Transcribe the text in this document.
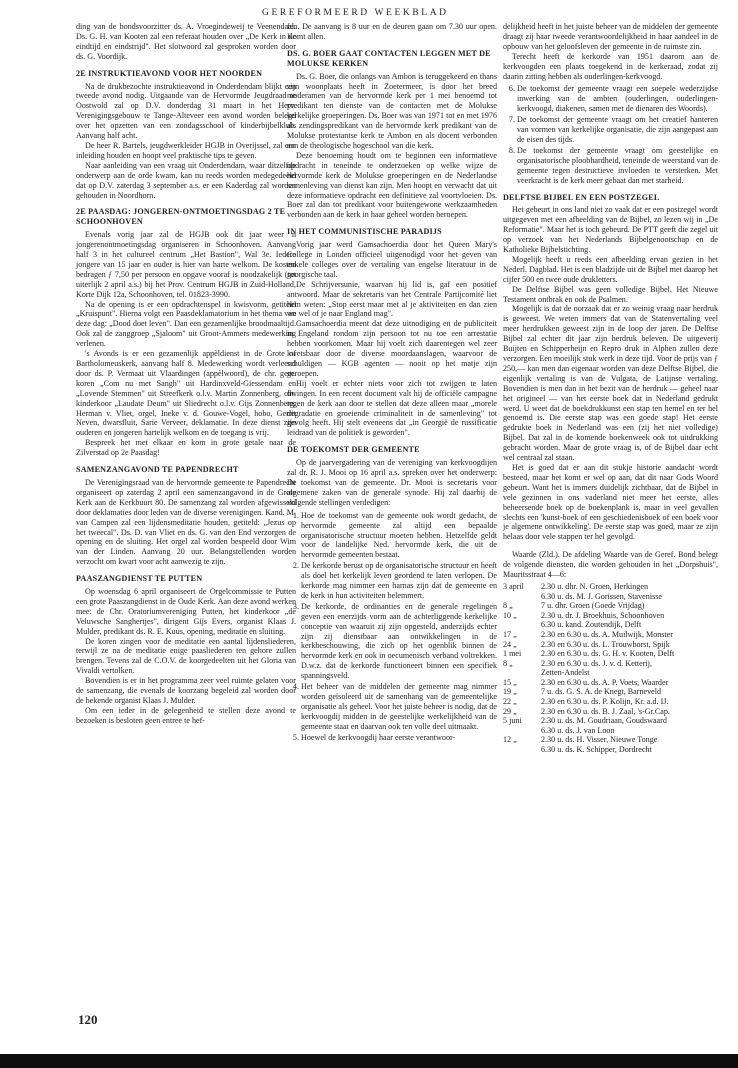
GEREFORMEERD WEEKBLAD

ding van de bondsvoorzitter ds. A. Vroegindeweij te Veenendaal. Ds. G. H. van Kooten zal een referaat houden over „De Kerk in de eindtijd en eindstrijd". Het slotwoord zal gesproken worden door ds. G. Voordijk.

2E INSTRUKTIEAVOND VOOR HET NOORDEN

Na de drukbezochte instruktieavond in Onderdendam blijkt een tweede avond nodig. Uitgaande van de Hervormde Jeugdraad te Oostwold zal op D.V. donderdag 31 maart in het Herv. Verenigingsgebouw te Tange-Altevеer een avond worden belegd over het opzetten van een zondagsschool of kinderbijbelklub. Aanvang half acht.

De heer R. Bartels, jeugdwerkleider HGJB in Overijssel, zal een inleiding houden en hoopt veel praktische tips te geven.

Naar aanleiding van een vraag uit Onderdendam, waar ditzelfde onderwerp aan de orde kwam, kan nu reeds worden medegedeeld dat op D.V. zaterdag 3 september a.s. er een Kaderdag zal worden gehouden in Noordhorn.

2E PAASDAG: JONGEREN-ONTMOETINGSDAG 2 TE SCHOONHOVEN

Evenals vorig jaar zal de HGJB ook dit jaar weer 'n jongerenontmoetingsdag organiseren in Schoonhoven. Aanvang half 3 in het cultureel centrum „Het Bastion", Wal 3e. Iedere jongere van 15 jaar en ouder is hier van harte welkom. De kosten bedragen ƒ 7,50 per persoon en opgave vooraf is noodzakelijk (tot uiterlijk 2 april a.s.) bij het Prov. Centrum HGJB in Zuid-Holland, Korte Dijk 12a, Schoonhoven, tel. 01823-3990.

Na de opening is er een opdrachtenspel in kwisvorm, getiteld „Kruispunt". Hierna volgt een Paasdeklamatorium in het thema van deze dag: „Dood doet leven". Dan een gezamenlijke broodmaaltijd. Ook zal de zanggroep „Sjaloom" uit Groot-Ammers medewerking verlenen.

's Avonds is er een gezamenlijk appèldienst in de Grote of Bartholomeuskerk, aanvang half 8. Medewerking wordt verleend door ds. P. Vermaat uit Vlaardingen (appèlwoord), de chr. gem. koren „Com nu met Sangh" uit Hardinxveld-Giessendam en „Lovende Stemmen" uit Streefkerk o.l.v. Martin Zonnenberg, chr. kinderkoor „Laudate Deum" uit Sliedrecht o.l.v. Gijs Zonnenberg, Herman v. Vliet, orgel, Ineke v. d. Gouwe-Vogel, hobo, Gerrit Neven, dwarsfluit, Sarie Verveer, deklamatie. In deze dienst zijn ouderen en jongeren hartelijk welkom en de toegang is vrij.

Bespreek het met elkaar en kom in grote getale naar de Zilverstad op 2e Paasdag!

SAMENZANGAVOND TE PAPENDRECHT

De Verenigingsraad van de hervormde gemeente te Papendrecht organiseert op zaterdag 2 april een samenzangavond in de Grote Kerk aan de Kerkbuurt 80. De samenzang zal worden afgewisseld door deklamaties door leden van de diverse verenigingen. Kand. M. van Campen zal een lijdensmeditatie houden, getiteld: „Jezus op het tweeсal". Ds. D. van Vliet en ds. G. van den End verzorgen de opening en de sluiting. Het orgel zal worden bespeeld door Wim van der Linden. Aanvang 20 uur. Belangstellenden worden verzocht om kwart voor acht aanwezig te zijn.

PAASZANGDIENST TE PUTTEN

Op woensdag 6 april organiseert de Orgelcommissie te Putten een grote Paaszangdienst in de Oude Kerk. Aan deze avond werken mee: de Chr. Oratoriumvereniging Putten, het kinderkoor „de Veluwsche Sanghertjes", dirigent Gijs Evers, organist Klaas J. Mulder, predikant ds. R. E. Kuus, opening, meditatie en sluiting.

De koren zingen voor de meditatie een aantal lijdensliederen, terwijl ze na de meditatie enige paasliederen ten gehore zullen brengen. Tevens zal de C.O.V. de koorgedeelten uit het Gloria van Vivaldi vertolken.

Bovendien is er in het programma zeer veel ruimte gelaten voor de samenzang, die evenals de koorzang begeleid zal worden door de bekende organist Klaas J. Mulder.

Om een ieder in de gelegenheid te stellen deze avond te bezoeken is besloten geen entree te hef-

fen. De aanvang is 8 uur en de deuren gaan om 7.30 uur open. Komt allen.

DS. G. BOER GAAT CONTACTEN LEGGEN MET DE MOLUKSE KERKEN

Ds. G. Boer, die onlangs van Ambon is teruggekeerd en thans zijn woonplaats heeft in Zoetermeer, is door het breed moderamen van de hervormde kerk per 1 mei benoemd tot predikant ten dienste van de contacten met de Molukse kerkelijke groeperingen. Ds. Boer was van 1971 tot en met 1976 als zendingspredikant van de hervormde kerk predikant van de Molukse protestantse kerk te Ambon en als docent verbonden aan de theologische hogeschool van die kerk.

Deze benoeming houdt om te beginnen een informatieve opdracht in teneinde te onderzoeken op welke wijze de hervormde kerk de Molukse groeperingen en de Nederlandse samenleving van dienst kan zijn. Men hoopt en verwacht dat uit deze informatieve opdracht een definitieve zal voortvloeien. Ds. Boer zal dan tot predikant voor buitengewone werkzaamheden verbonden aan de kerk in haar geheel worden beroepen.

IN HET COMMUNISTISCHE PARADIJS

Vorig jaar werd Gamsachoerdia door het Queen Mary's College in Londen officieel uitgenodigd voor het geven van enkele colleges over de vertaling van engelse literatuur in de georgische taal.

De Schrijversunie, waarvan hij lid is, gaf een positief antwoord. Maar de sekretaris van het Centrale Partijcomité liet hem weten: „Stop eerst maar met al je aktiviteiten en dan zien we wel of je naar England mag".

Gamsachoerdia meent dat deze uitnodiging en de publiciteit in Engeland rondom zijn persoon tot nu toe een arrestatie hebben voorkomen. Maar hij voelt zich daarentegen wel zeer kwetsbaar door de diverse moordaanslagen, waarvoor de schuldigen — KGB agenten — nooit op het matje zijn geroepen.

Hij voelt er echter niets voor zich tot zwijgen te laten dwingen. In een recent document valt hij de officiële campagne tegen de kerk aan door te stellen dat deze alleen maar „morele degradatie en groeiende criminaliteit in de samenleving" tot gevolg heeft. Hij stelt eveneens dat „in Georgië de russificatie leidraad van de politiek is geworden".

DE TOEKOMST DER GEMEENTE

Op de jaarvergadering van de vereniging van kerkvoogdijen zal dr. R. J. Mooi op 16 april a.s. spreken over het onderwerp: De toekomst van de gemeente. Dr. Mooi is secretaris voor algemene zaken van de generale synode. Hij zal daarbij de volgende stellingen verdedigen:

1. Hoe de toekomst van de gemeente ook wordt gedacht, de hervormde gemeente zal altijd een bepaalde organisatorische structuur moeten hebben. Hetzelfde geldt voor de landelijke Ned. hervormde kerk, die uit de hervormde gemeenten bestaat.
2. De kerkorde berust op de organisatorische structuur en heeft als doel het kerkelijk leven geordend te laten verlopen. De kerkorde mag nimmer een harnas zijn dat de gemeente en de kerk in hun activiteiten belemmert.
3. De kerkorde, de ordinanties en de generale regelingen geven een enerzijds vorm aan de achterliggende kerkelijke conceptie van waaruit zij zijn opgesteld, anderzijds echter zijn zij dienstbaar aan ontwikkelingen in de kerkbeschouwing, die zich op het ogenblik binnen de hervormde kerk en ook in oecumenisch verband voltrekken. D.w.z. dat de kerkorde functioneert binnen een specifiek spanningsveld.
4. Het beheer van de middelen der gemeente mag nimmer worden geïsoleerd uit de samenhang van de gemeentelijke organisatie als geheel. Voor het juiste beheer is nodig, dat de kerkvoogdij midden in de geestelijke werkelijkheid van de gemeente staat en daarvan ook ten volle deel uitmaakt.
5. Hoewel de kerkvoogdij haar eerste verantwoor-

delijkheid heeft in het juiste beheer van de middelen der gemeente draagt zij haar tweede verantwoordelijkheid in haar aandeel in de opbouw van het geloofsleven der gemeente in de ruimste zin.

Terecht heeft de kerkorde van 1951 daarom aan de kerkvoogden een plaats toegekend in de kerkeraad, zodat zij daarin zitting hebben als ouderlingen-kerkvoogd.

6. De toekomst der gemeente vraagt een soepele wederzijdse inwerking van de ambten (ouderlingen, ouderlingen-kerkvoogd, diakenen, samen met de dienaren des Woords).
7. De toekomst der gemeente vraagt om het creatief hanteren van vormen van kerkelijke organisatie, die zijn aangepast aan de eisen des tijds.
8. De toekomst der gemeente vraagt om geestelijke en organisatorische ploobhardheid, teneinde de weerstand van de gemeente tegen destructieve invloeden te versterken. Met veerkracht is de kerk meer gebaat dan met starheid.
DELFTSE BIJBEL EN EEN POSTZEGEL

Het gebeurt in ons land niet zo vaak dat er een postzegel wordt uitgegeven met een afbeelding van de Bijbel, zo lezen wij in „De Reformatie". Maar het is toch gebeurd. De PTT geeft die zegel uit op verzoek van het Nederlands Bijbelgenootschap en de Katholieke Bijbelstichting.

Mogelijk heeft u reeds een afbeelding ervan gezien in het Nederl. Dagblad. Het is een bladzijde uit de Bijbel met daarop het cijfer 500 en twee oude drukletters.

De Delftse Bijbel was geen volledige Bijbel. Het Nieuwe Testament ontbrak en ook de Psalmen.

Mogelijk is dat de oorzaak dat er zo weinig vraag naar herdruk is geweest. We weten immers dat van de Statenvertaling veel meer herdrukken geweest zijn in de loop der jaren. De Delftse Bijbel zal echter dit jaar zijn herdruk beleven. De uitgeverij Buijten en Schipperheijn en Repro druk in Alphen zullen deze verzorgen. Een moeilijk stuk werk in deze tijd. Voor de prijs van ƒ 250,— kan men dan eigenaar worden van deze Delftse Bijbel, die eigenlijk vertaling is van de Vulgata, de Latijnse vertaling. Bovendien is men dan in het bezit van de herdruk — geheel naar het origineel — van het eerste boek dat in Nederland gedrukt werd. U weet dat de boekdrukkunst een stap ten hemel en ter hel genoemd is. Die eerste stap was een goede stap! Het eerste gedrukte boek in Nederland was een (zij het niet volledige) Bijbel. Dat zal in de komende boekenweek ook tot uitdrukking gebracht worden. Maar de grote vraag is, of de Bijbel daar echt wel centraal zal staan.

Het is goed dat er aan dit stukje historie aandacht wordt besteed, maar het komt er wel op aan, dat dit naar Gods Woord gebeurt. Want het is immers duidelijk zichtbaar, dat de Bijbel in vele gezinnen in ons vaderland niet meer het eerste, alles beheersende boek op de boekenplank is, maar in veel gevallen slechts een 'kunst-boek of een geschiedenisboek of een boek voor je algemene ontwikkeling'. De eerste stap was goed, maar ze zijn helaas door vele stappen ter hel gevolgd.

Waarde (Zld.). De afdeling Waarde van de Geref. Bond belegt de volgende diensten, die worden gehouden in het „Dorpshuis", Mauritsstraat 4—6:

3 april	2.30 u. dhr. N. Groen, Herkingen
	6.30 u. ds. M. J. Gorissen, Stavenisse
8 „	7 u. dhr. Groen (Goede Vrijdag)
10 „	2.30 u. dr. J. Broekhuis, Schoonhoven
	6.30 u. kand. Zoutendijk, Delft
17 „	2.30 en 6.30 u. ds. A. Muilwijk, Monster
24 „	2.30 en 6.30 u. ds. L. Trouwborst, Spijk
1 mei	2.30 en 6.30 u. ds. G. H. v. Kooten, Delft
8 „	2.30 en 6.30 u. ds. J. v. d. Ketterij,
	Zetten-Andelst
15 „	2.30 en 6.30 u. ds. A. P. Voets, Waarder
19 „	7 u. ds. G. S. A. de Knegt, Barneveld
22 „	2.30 en 6.30 u. ds. P. Kolijn, Kr. a.d. IJ.
29 „	2.30 en 6.30 u. ds. B. J. Zaal, 's-Gr.Cap.
5 juni	2.30 u. ds. M. Goudriaan, Goudswaard
	6.30 u. ds. J. van Loon
12 „	2.30 u. ds. H. Visser, Nieuwe Tonge
	6.30 u. ds. K. Schipper, Dordrecht
120
